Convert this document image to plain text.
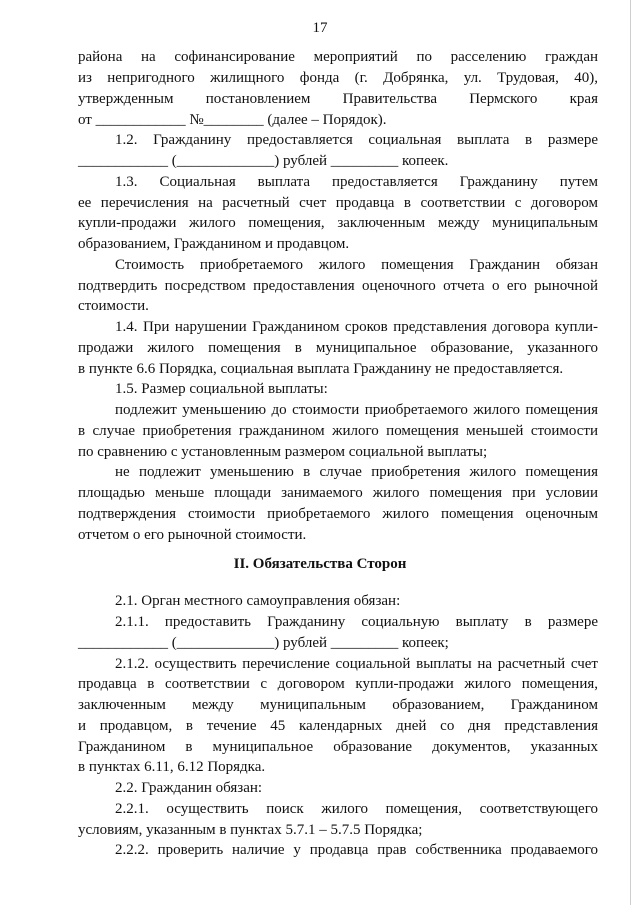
17
района на софинансирование мероприятий по расселению граждан
из непригодного жилищного фонда (г. Добрянка, ул. Трудовая, 40),
утвержденным постановлением Правительства Пермского края
от ____________ №________ (далее – Порядок).
1.2. Гражданину предоставляется социальная выплата в размере
____________ (_____________) рублей _________ копеек.
1.3. Социальная выплата предоставляется Гражданину путем
ее перечисления на расчетный счет продавца в соответствии с договором
купли-продажи жилого помещения, заключенным между муниципальным
образованием, Гражданином и продавцом.
Стоимость приобретаемого жилого помещения Гражданин обязан
подтвердить посредством предоставления оценочного отчета о его рыночной
стоимости.
1.4. При нарушении Гражданином сроков представления договора купли-
продажи жилого помещения в муниципальное образование, указанного
в пункте 6.6 Порядка, социальная выплата Гражданину не предоставляется.
1.5. Размер социальной выплаты:
подлежит уменьшению до стоимости приобретаемого жилого помещения
в случае приобретения гражданином жилого помещения меньшей стоимости
по сравнению с установленным размером социальной выплаты;
не подлежит уменьшению в случае приобретения жилого помещения
площадью меньше площади занимаемого жилого помещения при условии
подтверждения стоимости приобретаемого жилого помещения оценочным
отчетом о его рыночной стоимости.
II. Обязательства Сторон
2.1. Орган местного самоуправления обязан:
2.1.1. предоставить Гражданину социальную выплату в размере
____________ (_____________) рублей _________ копеек;
2.1.2. осуществить перечисление социальной выплаты на расчетный счет
продавца в соответствии с договором купли-продажи жилого помещения,
заключенным между муниципальным образованием, Гражданином
и продавцом, в течение 45 календарных дней со дня представления
Гражданином в муниципальное образование документов, указанных
в пунктах 6.11, 6.12 Порядка.
2.2. Гражданин обязан:
2.2.1. осуществить поиск жилого помещения, соответствующего
условиям, указанным в пунктах 5.7.1 – 5.7.5 Порядка;
2.2.2. проверить наличие у продавца прав собственника продаваемого
